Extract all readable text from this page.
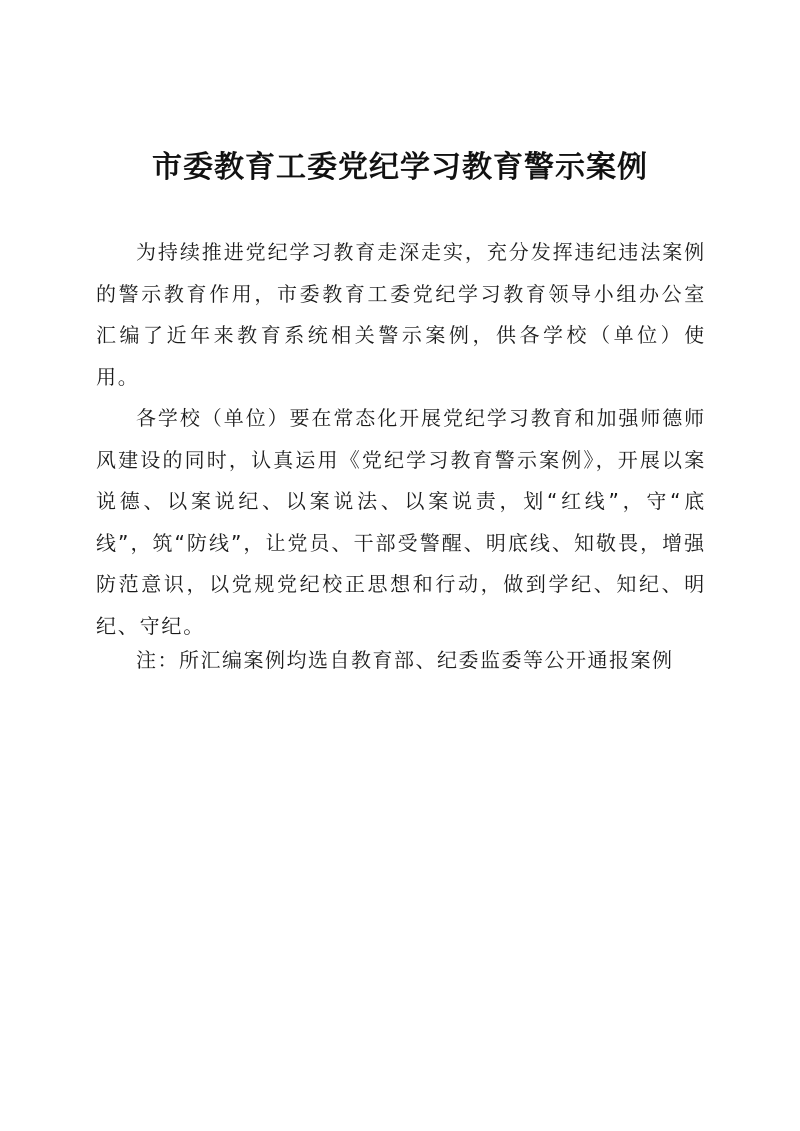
市委教育工委党纪学习教育警示案例

为持续推进党纪学习教育走深走实，充分发挥违纪违法案例的警示教育作用，市委教育工委党纪学习教育领导小组办公室汇编了近年来教育系统相关警示案例，供各学校（单位）使用。

各学校（单位）要在常态化开展党纪学习教育和加强师德师风建设的同时，认真运用《党纪学习教育警示案例》，开展以案说德、以案说纪、以案说法、以案说责，划“红线”，守“底线”，筑“防线”，让党员、干部受警醒、明底线、知敬畏，增强防范意识，以党规党纪校正思想和行动，做到学纪、知纪、明纪、守纪。

注：所汇编案例均选自教育部、纪委监委等公开通报案例
